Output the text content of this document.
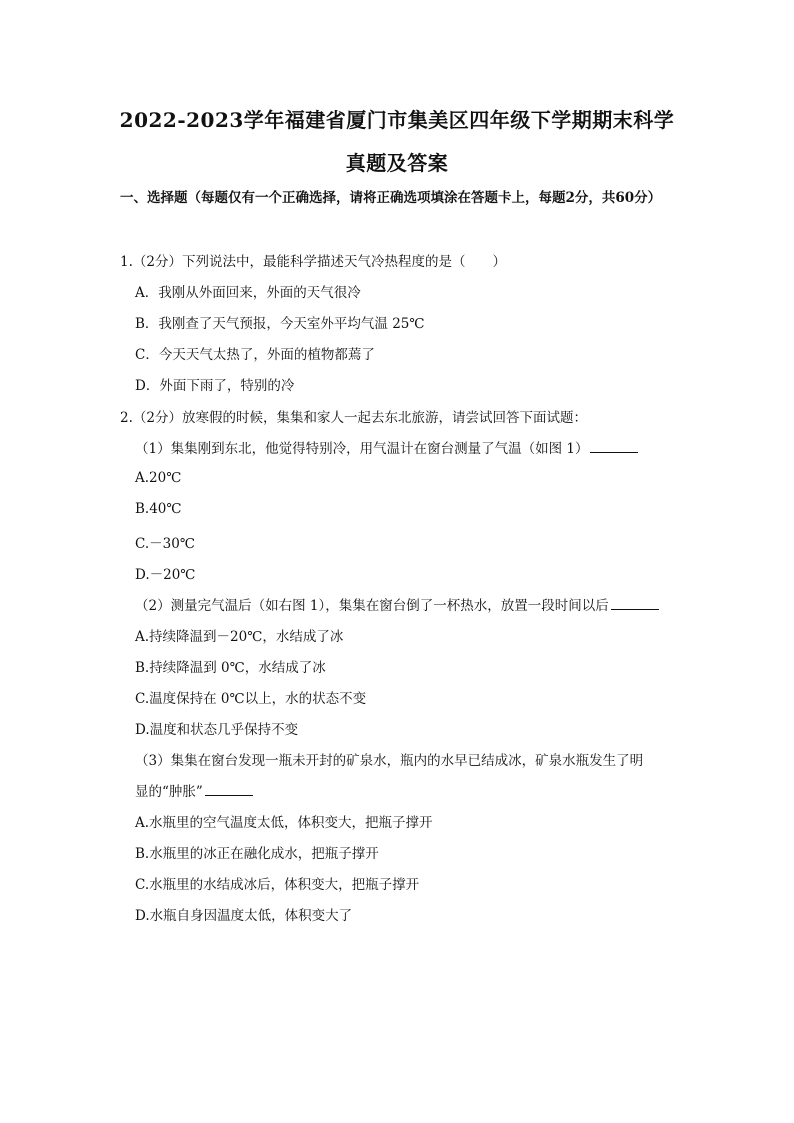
2022-2023学年福建省厦门市集美区四年级下学期期末科学
真题及答案
一、选择题（每题仅有一个正确选择，请将正确选项填涂在答题卡上，每题2分，共60分）
1.（2分）下列说法中，最能科学描述天气冷热程度的是（　　）
A．我刚从外面回来，外面的天气很冷
B．我刚查了天气预报，今天室外平均气温 25℃
C．今天天气太热了，外面的植物都蔫了
D．外面下雨了，特别的冷
2.（2分）放寒假的时候，集集和家人一起去东北旅游，请尝试回答下面试题：
（1）集集刚到东北，他觉得特别冷，用气温计在窗台测量了气温（如图 1）
A.20℃
B.40℃
C.－30℃
D.－20℃
（2）测量完气温后（如右图 1），集集在窗台倒了一杯热水，放置一段时间以后
A.持续降温到－20℃，水结成了冰
B.持续降温到 0℃，水结成了冰
C.温度保持在 0℃以上，水的状态不变
D.温度和状态几乎保持不变
（3）集集在窗台发现一瓶未开封的矿泉水，瓶内的水早已结成冰，矿泉水瓶发生了明
显的“肿胀”
A.水瓶里的空气温度太低，体积变大，把瓶子撑开
B.水瓶里的冰正在融化成水，把瓶子撑开
C.水瓶里的水结成冰后，体积变大，把瓶子撑开
D.水瓶自身因温度太低，体积变大了
